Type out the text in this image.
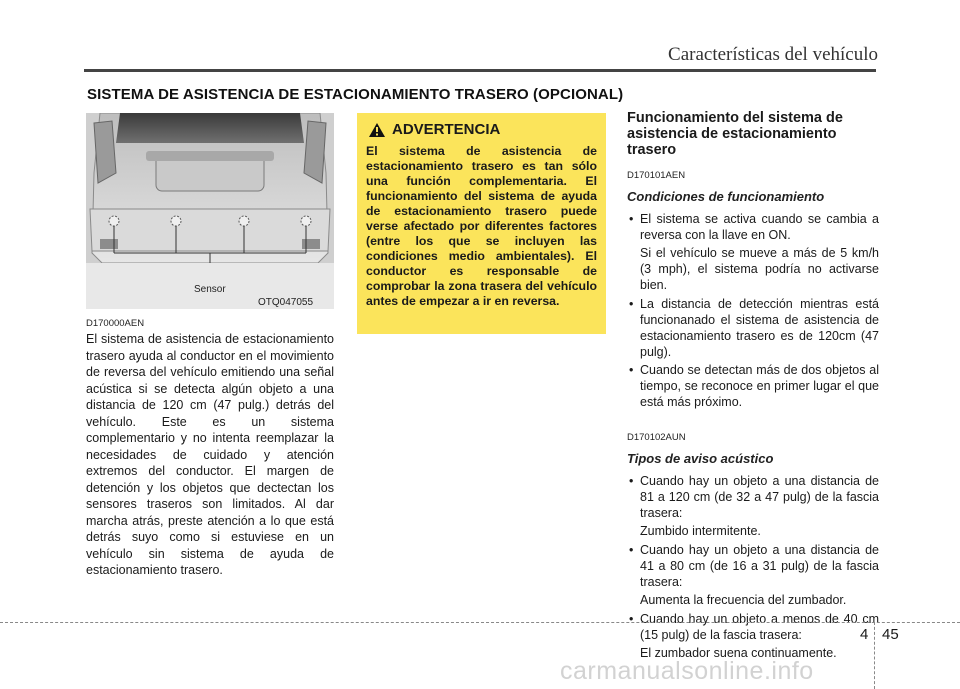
Características del vehículo
SISTEMA DE ASISTENCIA DE ESTACIONAMIENTO TRASERO (OPCIONAL)
Sensor
OTQ047055
D170000AEN
El sistema de asistencia de estacionamiento trasero ayuda al conductor en el movimiento de reversa del vehículo emitiendo una señal acústica si se detecta algún objeto a una distancia de 120 cm (47 pulg.) detrás del vehículo. Este es un sistema complementario y no intenta reemplazar la necesidades de cuidado y atención extremos del conductor. El margen de detención y los objetos que dectectan los sensores traseros son limitados. Al dar marcha atrás, preste atención a lo que está detrás suyo como si estuviese en un vehículo sin sistema de ayuda de estacionamiento trasero.
ADVERTENCIA
El sistema de asistencia de estacionamiento trasero es tan sólo una función complementaria. El funcionamiento del sistema de ayuda de estacionamiento trasero puede verse afectado por diferentes factores (entre los que se incluyen las condiciones medio ambientales). El conductor es responsable de comprobar la zona trasera del vehículo antes de empezar a ir en reversa.
Funcionamiento del sistema de asistencia de estacionamiento trasero
D170101AEN
Condiciones de funcionamiento
• El sistema se activa cuando se cambia a reversa con la llave en ON.
Si el vehículo se mueve a más de 5 km/h (3 mph), el sistema podría no activarse bien.
• La distancia de detección mientras está funcionanado el sistema de asistencia de estacionamiento trasero es de 120cm (47 pulg).
• Cuando se detectan más de dos objetos al tiempo, se reconoce en primer lugar el que está más próximo.
D170102AUN
Tipos de aviso acústico
• Cuando hay un objeto a una distancia de 81 a 120 cm (de 32 a 47 pulg) de la fascia trasera:
Zumbido intermitente.
• Cuando hay un objeto a una distancia de 41 a 80 cm (de 16 a 31 pulg) de la fascia trasera:
Aumenta la frecuencia del zumbador.
• Cuando hay un objeto a menos de 40 cm (15 pulg) de la fascia trasera:
El zumbador suena continuamente.
4 45
carmanualsonline.info
